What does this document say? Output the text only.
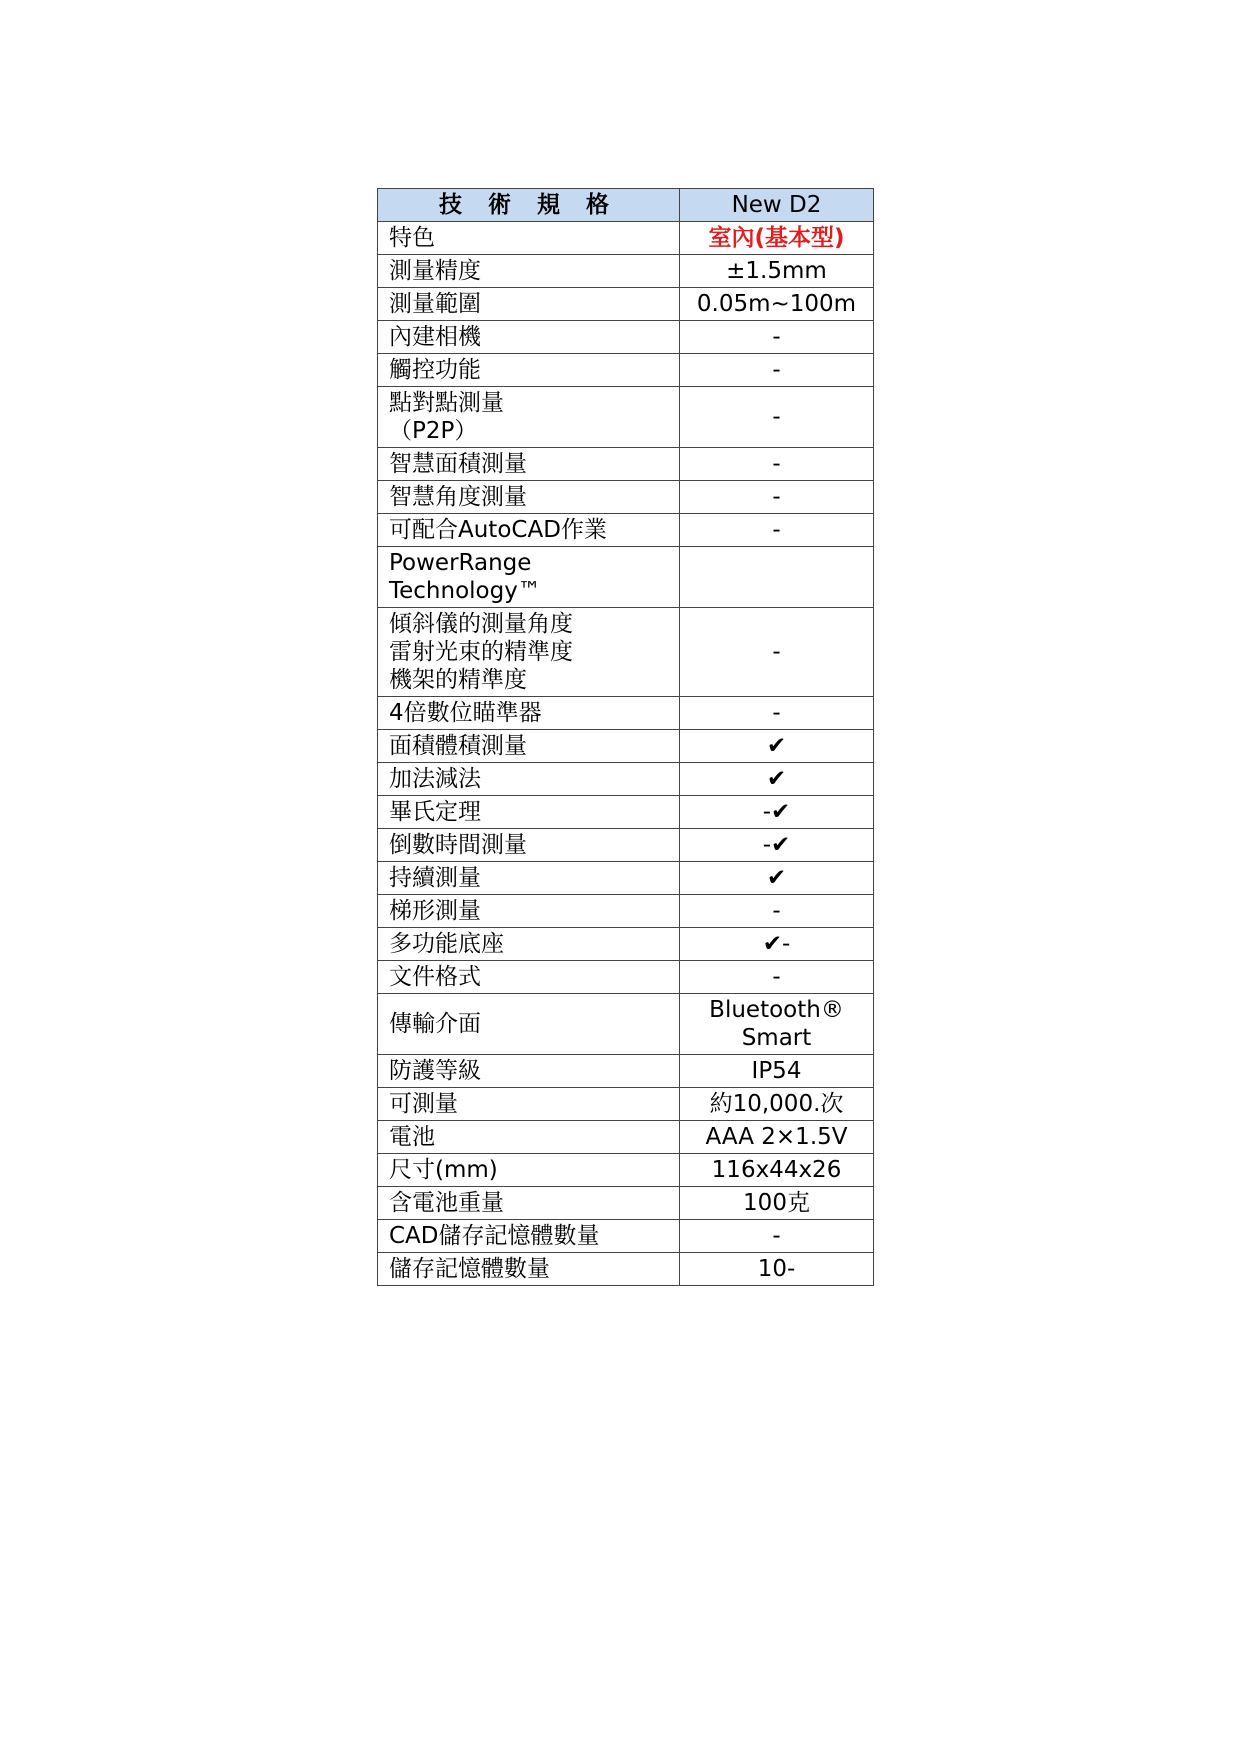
技 術 規 格	New D2
特色	室內(基本型)
測量精度	±1.5mm
測量範圍	0.05m~100m
內建相機	-
觸控功能	-

點對點測量
（P2P）	-
智慧面積測量	-
智慧角度測量	-
可配合AutoCAD作業	-

PowerRange
Technology™	

傾斜儀的測量角度
雷射光束的精準度
機架的精準度	-
4倍數位瞄準器	-
面積體積測量	✔
加法減法	✔
畢氏定理	-✔
倒數時間測量	-✔
持續測量	✔
梯形測量	-
多功能底座	✔-
文件格式	-
傳輸介面	Bluetooth®
Smart

防護等級	IP54
可測量	約10,000.次
電池	AAA 2×1.5V
尺寸(mm)	116x44x26
含電池重量	100克
CAD儲存記憶體數量	-
儲存記憶體數量	10-
